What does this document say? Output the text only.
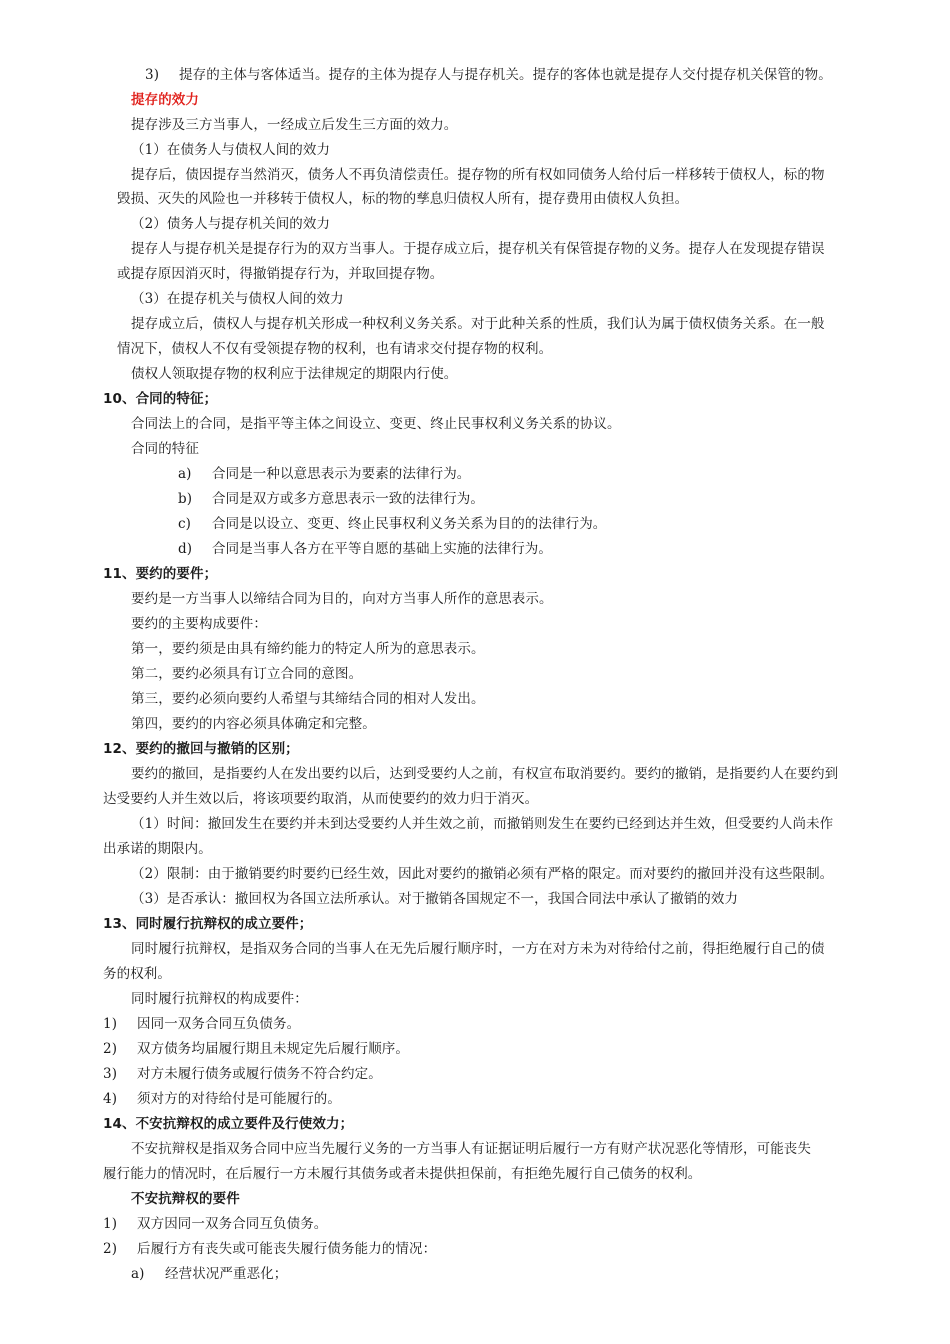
3) 提存的主体与客体适当。提存的主体为提存人与提存机关。提存的客体也就是提存人交付提存机关保管的物。
提存的效力
提存涉及三方当事人，一经成立后发生三方面的效力。
（1）在债务人与债权人间的效力
提存后，债因提存当然消灭，债务人不再负清偿责任。提存物的所有权如同债务人给付后一样移转于债权人，标的物
毁损、灭失的风险也一并移转于债权人，标的物的孳息归债权人所有，提存费用由债权人负担。
（2）债务人与提存机关间的效力
提存人与提存机关是提存行为的双方当事人。于提存成立后，提存机关有保管提存物的义务。提存人在发现提存错误
或提存原因消灭时，得撤销提存行为，并取回提存物。
（3）在提存机关与债权人间的效力
提存成立后，债权人与提存机关形成一种权利义务关系。对于此种关系的性质，我们认为属于债权债务关系。在一般
情况下，债权人不仅有受领提存物的权利，也有请求交付提存物的权利。
债权人领取提存物的权利应于法律规定的期限内行使。
10、合同的特征；
合同法上的合同，是指平等主体之间设立、变更、终止民事权利义务关系的协议。
合同的特征
a) 合同是一种以意思表示为要素的法律行为。
b) 合同是双方或多方意思表示一致的法律行为。
c) 合同是以设立、变更、终止民事权利义务关系为目的的法律行为。
d) 合同是当事人各方在平等自愿的基础上实施的法律行为。
11、要约的要件；
要约是一方当事人以缔结合同为目的，向对方当事人所作的意思表示。
要约的主要构成要件：
第一，要约须是由具有缔约能力的特定人所为的意思表示。
第二，要约必须具有订立合同的意图。
第三，要约必须向要约人希望与其缔结合同的相对人发出。
第四，要约的内容必须具体确定和完整。
12、要约的撤回与撤销的区别；
要约的撤回，是指要约人在发出要约以后，达到受要约人之前，有权宣布取消要约。要约的撤销，是指要约人在要约到
达受要约人并生效以后，将该项要约取消，从而使要约的效力归于消灭。
（1）时间：撤回发生在要约并未到达受要约人并生效之前，而撤销则发生在要约已经到达并生效，但受要约人尚未作
出承诺的期限内。
（2）限制：由于撤销要约时要约已经生效，因此对要约的撤销必须有严格的限定。而对要约的撤回并没有这些限制。
（3）是否承认：撤回权为各国立法所承认。对于撤销各国规定不一，我国合同法中承认了撤销的效力
13、同时履行抗辩权的成立要件；
同时履行抗辩权，是指双务合同的当事人在无先后履行顺序时，一方在对方未为对待给付之前，得拒绝履行自己的债
务的权利。
同时履行抗辩权的构成要件：
1) 因同一双务合同互负债务。
2) 双方债务均届履行期且未规定先后履行顺序。
3) 对方未履行债务或履行债务不符合约定。
4) 须对方的对待给付是可能履行的。
14、不安抗辩权的成立要件及行使效力；
不安抗辩权是指双务合同中应当先履行义务的一方当事人有证据证明后履行一方有财产状况恶化等情形，可能丧失
履行能力的情况时，在后履行一方未履行其债务或者未提供担保前，有拒绝先履行自己债务的权利。
不安抗辩权的要件
1) 双方因同一双务合同互负债务。
2) 后履行方有丧失或可能丧失履行债务能力的情况：
a) 经营状况严重恶化；
